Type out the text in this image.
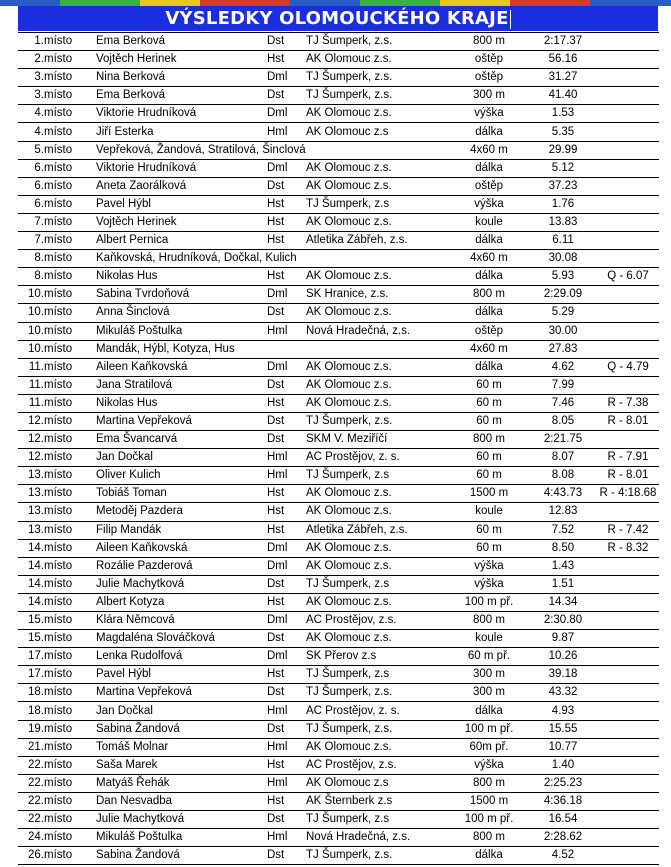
VÝSLEDKY OLOMOUCKÉHO KRAJE
1.	místo	Ema Berková	Dst	TJ Šumperk, z.s.	800 m	2:17.37	
2.	místo	Vojtěch Herinek	Hst	AK Olomouc z.s.	oštěp	56.16	
3.	místo	Nina Berková	Dml	TJ Šumperk, z.s.	oštěp	31.27	
3.	místo	Ema Berková	Dst	TJ Šumperk, z.s.	300 m	41.40	
4.	místo	Viktorie Hrudníková	Dml	AK Olomouc z.s.	výška	1.53	
4.	místo	Jiří Esterka	Hml	AK Olomouc z.s	dálka	5.35	
5.	místo	Vepřeková, Žandová, Stratilová, Šinclová			4x60 m	29.99	
6.	místo	Viktorie Hrudníková	Dml	AK Olomouc z.s.	dálka	5.12	
6.	místo	Aneta Zaorálková	Dst	AK Olomouc z.s.	oštěp	37.23	
6.	místo	Pavel Hýbl	Hst	TJ Šumperk, z.s	výška	1.76	
7.	místo	Vojtěch Herinek	Hst	AK Olomouc z.s.	koule	13.83	
7.	místo	Albert Pernica	Hst	Atletika Zábřeh, z.s.	dálka	6.11	
8.	místo	Kaňkovská, Hrudníková, Dočkal, Kulich			4x60 m	30.08	
8.	místo	Nikolas Hus	Hst	AK Olomouc z.s.	dálka	5.93	Q - 6.07
10.	místo	Sabina Tvrdoňová	Dml	SK Hranice, z.s.	800 m	2:29.09	
10.	místo	Anna Šinclová	Dst	AK Olomouc z.s.	dálka	5.29	
10.	místo	Mikuláš Poštulka	Hml	Nová Hradečná, z.s.	oštěp	30.00	
10.	místo	Mandák, Hýbl, Kotyza, Hus			4x60 m	27.83	
11.	místo	Aileen Kaňkovská	Dml	AK Olomouc z.s.	dálka	4.62	Q - 4.79
11.	místo	Jana Stratilová	Dst	AK Olomouc z.s.	60 m	7.99	
11.	místo	Nikolas Hus	Hst	AK Olomouc z.s.	60 m	7.46	R - 7.38
12.	místo	Martina Vepřeková	Dst	TJ Šumperk, z.s.	60 m	8.05	R - 8.01
12.	místo	Ema Švancarvá	Dst	SKM V. Meziříčí	800 m	2:21.75	
12.	místo	Jan Dočkal	Hml	AC Prostějov, z. s.	60 m	8.07	R - 7.91
13.	místo	Oliver Kulich	Hml	TJ Šumperk, z.s	60 m	8.08	R - 8.01
13.	místo	Tobiáš Toman	Hst	AK Olomouc z.s.	1500 m	4:43.73	R - 4:18.68
13.	místo	Metoděj Pazdera	Hst	AK Olomouc z.s.	koule	12.83	
13.	místo	Filip Mandák	Hst	Atletika Zábřeh, z.s.	60 m	7.52	R - 7.42
14.	místo	Aileen Kaňkovská	Dml	AK Olomouc z.s.	60 m	8.50	R - 8.32
14.	místo	Rozálie Pazderová	Dml	AK Olomouc z.s.	výška	1.43	
14.	místo	Julie Machytková	Dst	TJ Šumperk, z.s	výška	1.51	
14.	místo	Albert Kotyza	Hst	AK Olomouc z.s.	100 m př.	14.34	
15.	místo	Klára Němcová	Dml	AC Prostějov, z.s.	800 m	2:30.80	
15.	místo	Magdaléna Slováčková	Dst	AK Olomouc z.s.	koule	9.87	
17.	místo	Lenka Rudolfová	Dml	SK Přerov z.s	60 m př.	10.26	
17.	místo	Pavel Hýbl	Hst	TJ Šumperk, z.s	300 m	39.18	
18.	místo	Martina Vepřeková	Dst	TJ Šumperk, z.s.	300 m	43.32	
18.	místo	Jan Dočkal	Hml	AC Prostějov, z. s.	dálka	4.93	
19.	místo	Sabina Žandová	Dst	TJ Šumperk, z.s.	100 m př.	15.55	
21.	místo	Tomáš Molnar	Hml	AK Olomouc z.s.	60m př.	10.77	
22.	místo	Saša Marek	Hst	AC Prostějov, z.s.	výška	1.40	
22.	místo	Matyáš Řehák	Hml	AK Olomouc z.s	800 m	2:25.23	
22.	místo	Dan Nesvadba	Hst	AK Šternberk z.s	1500 m	4:36.18	
22.	místo	Julie Machytková	Dst	TJ Šumperk, z.s	100 m př.	16.54	
24.	místo	Mikuláš Poštulka	Hml	Nová Hradečná, z.s.	800 m	2:28.62	
26.	místo	Sabina Žandová	Dst	TJ Šumperk, z.s.	dálka	4.52	
